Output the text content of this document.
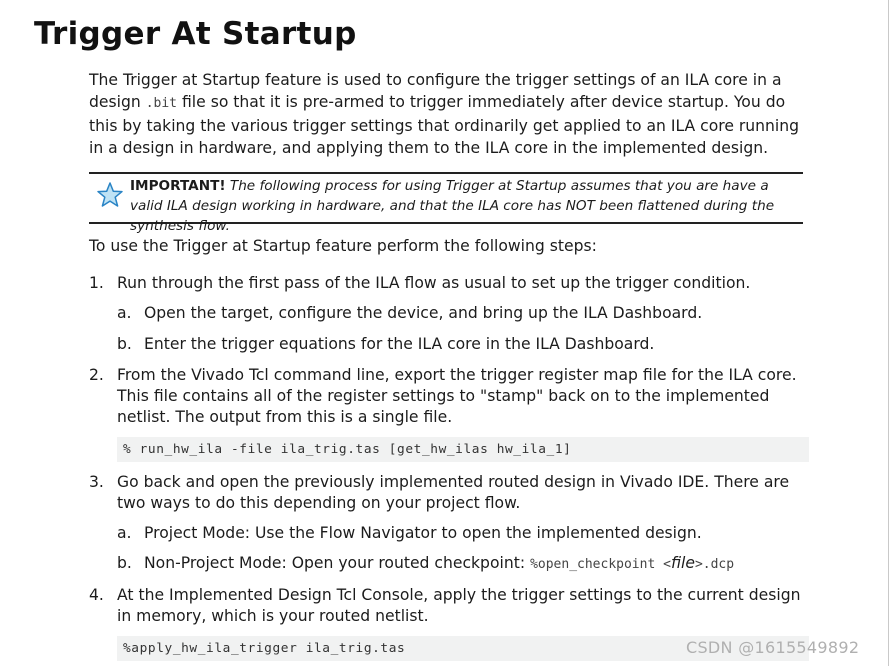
Trigger At Startup
The Trigger at Startup feature is used to configure the trigger settings of an ILA core in a design .bit file so that it is pre-armed to trigger immediately after device startup. You do this by taking the various trigger settings that ordinarily get applied to an ILA core running in a design in hardware, and applying them to the ILA core in the implemented design.
IMPORTANT! The following process for using Trigger at Startup assumes that you are have a valid ILA design working in hardware, and that the ILA core has NOT been flattened during the synthesis flow.
To use the Trigger at Startup feature perform the following steps:
1. Run through the first pass of the ILA flow as usual to set up the trigger condition.
a. Open the target, configure the device, and bring up the ILA Dashboard.
b. Enter the trigger equations for the ILA core in the ILA Dashboard.
2. From the Vivado Tcl command line, export the trigger register map file for the ILA core. This file contains all of the register settings to "stamp" back on to the implemented netlist. The output from this is a single file.
% run_hw_ila -file ila_trig.tas [get_hw_ilas hw_ila_1]
3. Go back and open the previously implemented routed design in Vivado IDE. There are two ways to do this depending on your project flow.
a. Project Mode: Use the Flow Navigator to open the implemented design.
b. Non-Project Mode: Open your routed checkpoint: %open_checkpoint <file>.dcp
4. At the Implemented Design Tcl Console, apply the trigger settings to the current design in memory, which is your routed netlist.
%apply_hw_ila_trigger ila_trig.tas	CSDN @1615549892
